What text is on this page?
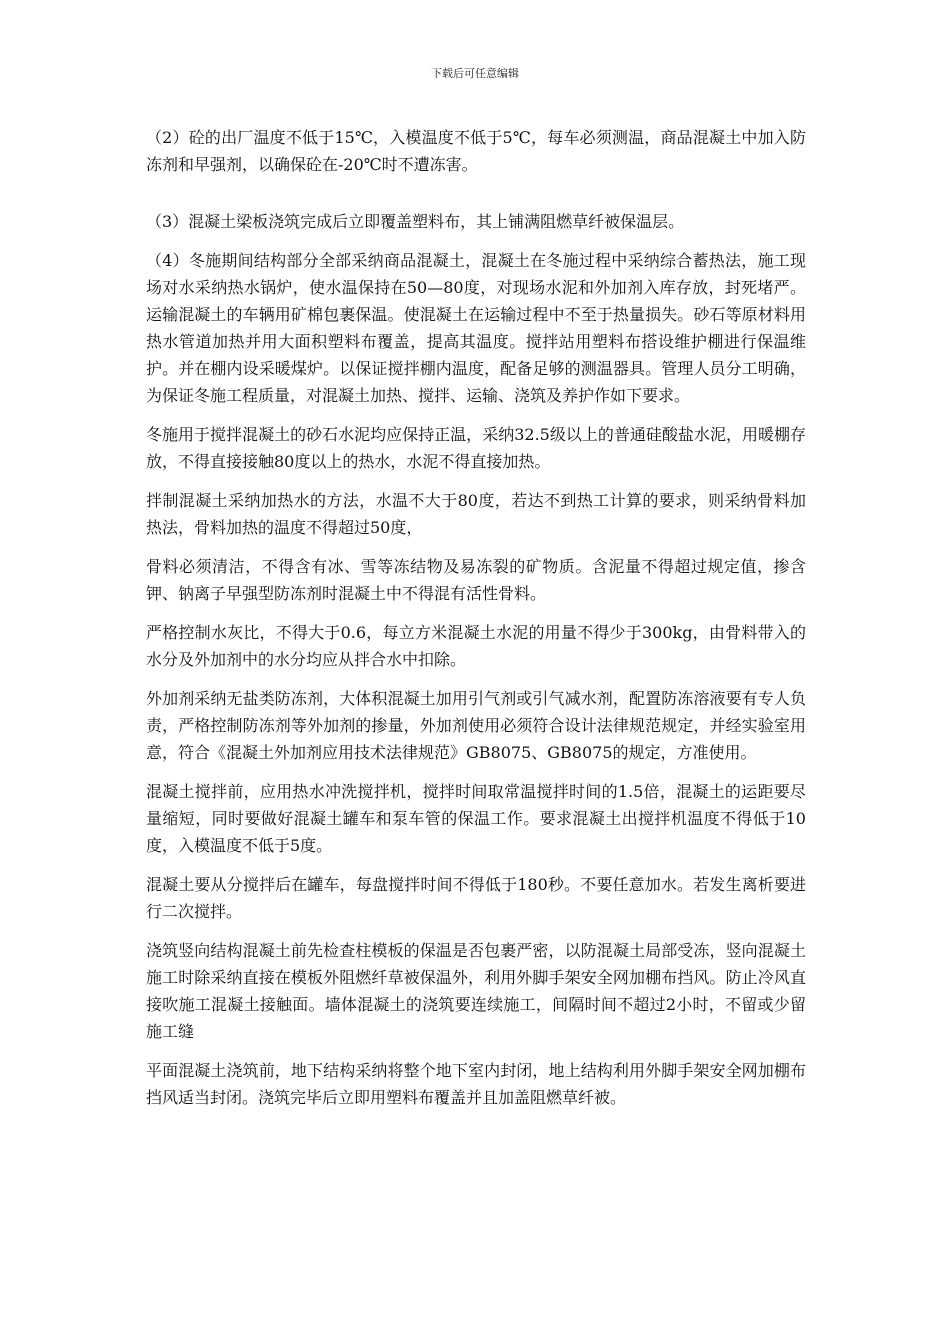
下载后可任意编辑

（2）砼的出厂温度不低于15℃，入模温度不低于5℃，每车必须测温，商品混凝土中加入防冻剂和早强剂，以确保砼在-20℃时不遭冻害。

（3）混凝土梁板浇筑完成后立即覆盖塑料布，其上铺满阻燃草纤被保温层。

（4）冬施期间结构部分全部采纳商品混凝土，混凝土在冬施过程中采纳综合蓄热法，施工现场对水采纳热水锅炉，使水温保持在50—80度，对现场水泥和外加剂入库存放，封死堵严。运输混凝土的车辆用矿棉包裹保温。使混凝土在运输过程中不至于热量损失。砂石等原材料用热水管道加热并用大面积塑料布覆盖，提高其温度。搅拌站用塑料布搭设维护棚进行保温维护。并在棚内设采暖煤炉。以保证搅拌棚内温度，配备足够的测温器具。管理人员分工明确，为保证冬施工程质量，对混凝土加热、搅拌、运输、浇筑及养护作如下要求。

冬施用于搅拌混凝土的砂石水泥均应保持正温，采纳32.5级以上的普通硅酸盐水泥，用暖棚存放，不得直接接触80度以上的热水，水泥不得直接加热。

拌制混凝土采纳加热水的方法，水温不大于80度，若达不到热工计算的要求，则采纳骨料加热法，骨料加热的温度不得超过50度，

骨料必须清洁，不得含有冰、雪等冻结物及易冻裂的矿物质。含泥量不得超过规定值，掺含钾、钠离子早强型防冻剂时混凝土中不得混有活性骨料。

严格控制水灰比，不得大于0.6，每立方米混凝土水泥的用量不得少于300kg，由骨料带入的水分及外加剂中的水分均应从拌合水中扣除。

外加剂采纳无盐类防冻剂，大体积混凝土加用引气剂或引气减水剂，配置防冻溶液要有专人负责，严格控制防冻剂等外加剂的掺量，外加剂使用必须符合设计法律规范规定，并经实验室用意，符合《混凝土外加剂应用技术法律规范》GB8075、GB8075的规定，方准使用。

混凝土搅拌前，应用热水冲洗搅拌机，搅拌时间取常温搅拌时间的1.5倍，混凝土的运距要尽量缩短，同时要做好混凝土罐车和泵车管的保温工作。要求混凝土出搅拌机温度不得低于10度，入模温度不低于5度。

混凝土要从分搅拌后在罐车，每盘搅拌时间不得低于180秒。不要任意加水。若发生离析要进行二次搅拌。

浇筑竖向结构混凝土前先检查柱模板的保温是否包裹严密，以防混凝土局部受冻，竖向混凝土施工时除采纳直接在模板外阻燃纤草被保温外，利用外脚手架安全网加棚布挡风。防止冷风直接吹施工混凝土接触面。墙体混凝土的浇筑要连续施工，间隔时间不超过2小时，不留或少留施工缝

平面混凝土浇筑前，地下结构采纳将整个地下室内封闭，地上结构利用外脚手架安全网加棚布挡风适当封闭。浇筑完毕后立即用塑料布覆盖并且加盖阻燃草纤被。
